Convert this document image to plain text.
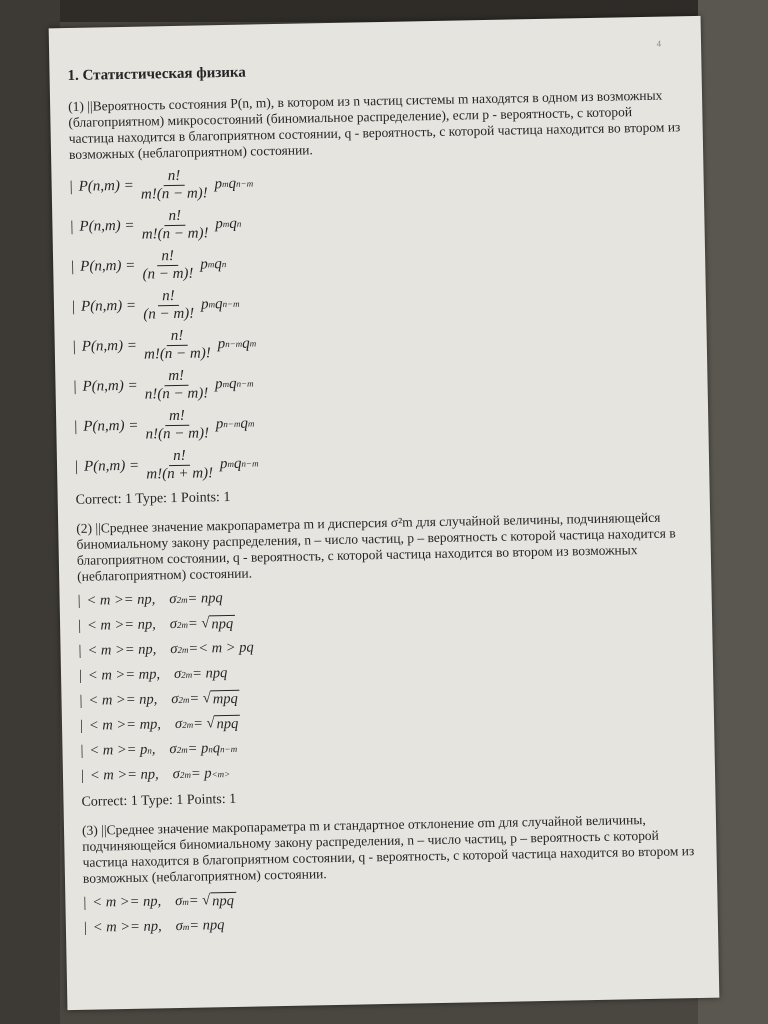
4
1. Статистическая физика
(1) ||Вероятность состояния P(n, m), в котором из n частиц системы m находятся в одном из возможных (благоприятном) микросостояний (биномиальное распределение), если p - вероятность, с которой частица находится в благоприятном состоянии, q - вероятность, с которой частица находится во втором из возможных (неблагоприятном) состоянии.
| $P(n,m) = \frac{n!}{m!(n - m)!}$ p m q n−m
| $P(n,m) = \frac{n!}{m!(n - m)!}$ p m q n
| $P(n,m) = \frac{n!}{(n - m)!}$ p m q n
| $P(n,m) = \frac{n!}{(n - m)!}$ p m q n−m
| $P(n,m) = \frac{n!}{m!(n - m)!}$ p n−m q m
| $P(n,m) = \frac{m!}{n!(n - m)!}$ p m q n−m
| $P(n,m) = \frac{m!}{n!(n - m)!}$ p n−m q m
| $P(n,m) = \frac{n!}{m!(n + m)!}$ p m q n−m
Correct: 1 Type: 1 Points: 1
(2) ||Среднее значение макропараметра m и дисперсия σ²m для случайной величины, подчиняющейся биномиальному закону распределения, n – число частиц, p – вероятность с которой частица находится в благоприятном состоянии, q - вероятность, с которой частица находится во втором из возможных (неблагоприятном) состоянии.
| < m >= np, σ 2 m = npq
| < m >= np, σ 2 m = √ npq
| < m >= np, σ 2 m =< m > pq
| < m >= mp, σ 2 m = npq
| < m >= np, σ 2 m = √ mpq
| < m >= mp, σ 2 m = √ npq
| < m >= p n , σ 2 m = p n q n−m
| < m >= np, σ 2 m = p <m>
Correct: 1 Type: 1 Points: 1
(3) ||Среднее значение макропараметра m и стандартное отклонение σm для случайной величины, подчиняющейся биномиальному закону распределения, n – число частиц, p – вероятность с которой частица находится в благоприятном состоянии, q - вероятность, с которой частица находится во втором из возможных (неблагоприятном) состоянии.
| < m >= np, σ m = √ npq
| < m >= np, σ m = npq
